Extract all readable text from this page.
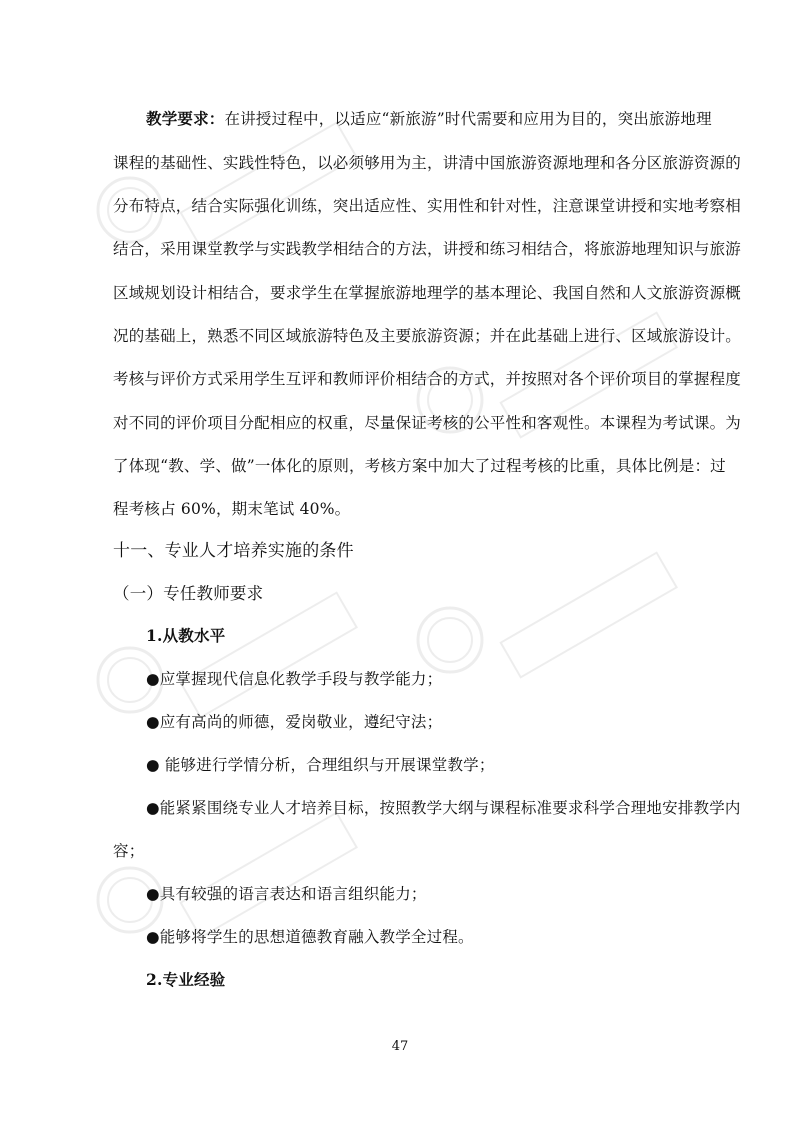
教学要求：在讲授过程中，以适应“新旅游”时代需要和应用为目的，突出旅游地理
课程的基础性、实践性特色，以必须够用为主，讲清中国旅游资源地理和各分区旅游资源的
分布特点，结合实际强化训练，突出适应性、实用性和针对性，注意课堂讲授和实地考察相
结合，采用课堂教学与实践教学相结合的方法，讲授和练习相结合，将旅游地理知识与旅游
区域规划设计相结合，要求学生在掌握旅游地理学的基本理论、我国自然和人文旅游资源概
况的基础上，熟悉不同区域旅游特色及主要旅游资源；并在此基础上进行、区域旅游设计。
考核与评价方式采用学生互评和教师评价相结合的方式，并按照对各个评价项目的掌握程度
对不同的评价项目分配相应的权重，尽量保证考核的公平性和客观性。本课程为考试课。为
了体现“教、学、做”一体化的原则，考核方案中加大了过程考核的比重，具体比例是：过
程考核占 60%，期末笔试 40%。
十一、专业人才培养实施的条件
（一）专任教师要求
1.从教水平
●应掌握现代信息化教学手段与教学能力；
●应有高尚的师德，爱岗敬业，遵纪守法；
● 能够进行学情分析，合理组织与开展课堂教学；
●能紧紧围绕专业人才培养目标，按照教学大纲与课程标准要求科学合理地安排教学内
容；
●具有较强的语言表达和语言组织能力；
●能够将学生的思想道德教育融入教学全过程。
2.专业经验
47
